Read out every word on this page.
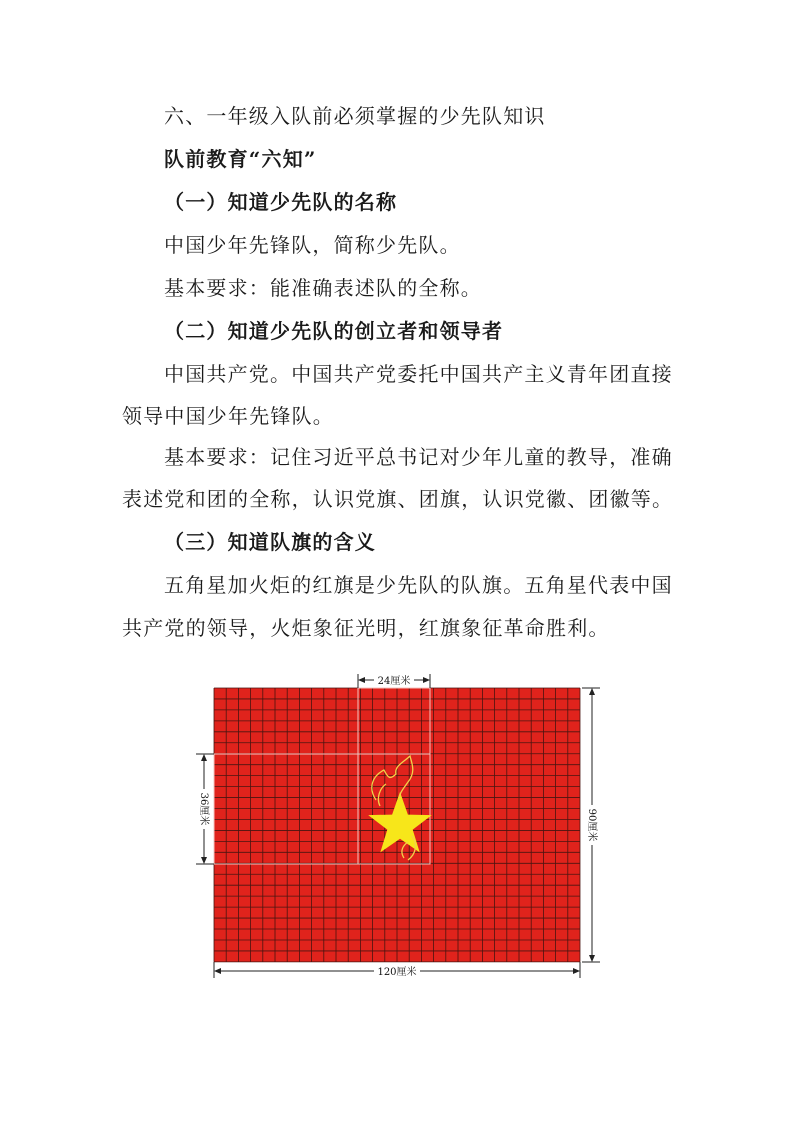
六、一年级入队前必须掌握的少先队知识
队前教育“六知”
（一）知道少先队的名称
中国少年先锋队，简称少先队。
基本要求：能准确表述队的全称。
（二）知道少先队的创立者和领导者
中国共产党。中国共产党委托中国共产主义青年团直接
领导中国少年先锋队。
基本要求：记住习近平总书记对少年儿童的教导，准确
表述党和团的全称，认识党旗、团旗，认识党徽、团徽等。
（三）知道队旗的含义
五角星加火炬的红旗是少先队的队旗。五角星代表中国
共产党的领导，火炬象征光明，红旗象征革命胜利。
24厘米
36厘米	90厘米
120厘米
